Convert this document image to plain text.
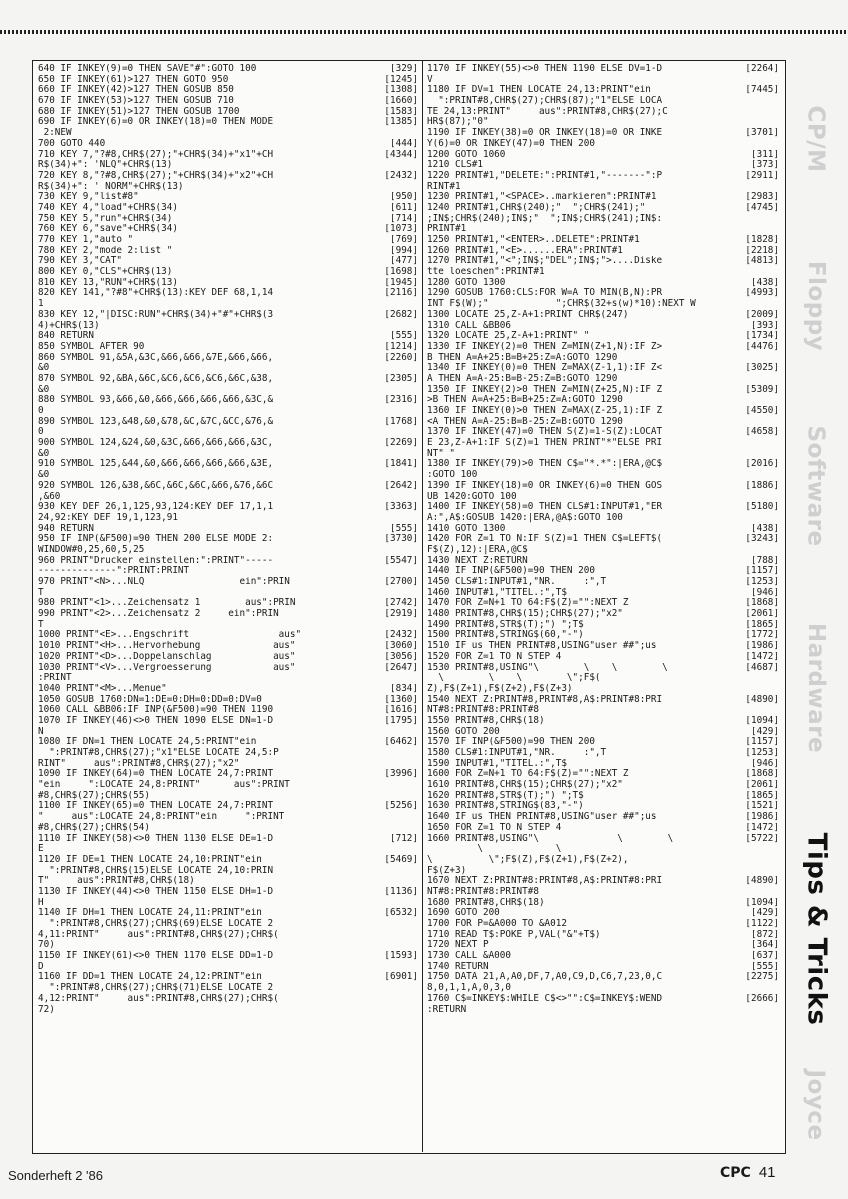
640 IF INKEY(9)=0 THEN SAVE"#":GOTO 100	[329]
650 IF INKEY(61)>127 THEN GOTO 950	[1245]
660 IF INKEY(42)>127 THEN GOSUB 850	[1308]
670 IF INKEY(53)>127 THEN GOSUB 710	[1660]
680 IF INKEY(51)>127 THEN GOSUB 1700	[1583]
690 IF INKEY(6)=0 OR INKEY(18)=0 THEN MODE	[1385]
2:NEW
700 GOTO 440	[444]
710 KEY 7,"?#8,CHR$(27);"+CHR$(34)+"x1"+CH	[4344]
R$(34)+": 'NLQ"+CHR$(13)
720 KEY 8,"?#8,CHR$(27);"+CHR$(34)+"x2"+CH	[2432]
R$(34)+": ' NORM"+CHR$(13)
730 KEY 9,"list#8"	[950]
740 KEY 4,"load"+CHR$(34)	[611]
750 KEY 5,"run"+CHR$(34)	[714]
760 KEY 6,"save"+CHR$(34)	[1073]
770 KEY 1,"auto "	[769]
780 KEY 2,"mode 2:list "	[994]
790 KEY 3,"CAT"	[477]
800 KEY 0,"CLS"+CHR$(13)	[1698]
810 KEY 13,"RUN"+CHR$(13)	[1945]
820 KEY 141,"?#8"+CHR$(13):KEY DEF 68,1,14	[2116]
1
830 KEY 12,"|DISC:RUN"+CHR$(34)+"#"+CHR$(3	[2682]
4)+CHR$(13)
840 RETURN	[555]
850 SYMBOL AFTER 90	[1214]
860 SYMBOL 91,&5A,&3C,&66,&66,&7E,&66,&66,	[2260]
&0
870 SYMBOL 92,&BA,&6C,&C6,&C6,&C6,&6C,&38,	[2305]
&0
880 SYMBOL 93,&66,&0,&66,&66,&66,&66,&3C,&	[2316]
0
890 SYMBOL 123,&48,&0,&78,&C,&7C,&CC,&76,&	[1768]
0
900 SYMBOL 124,&24,&0,&3C,&66,&66,&66,&3C,	[2269]
&0
910 SYMBOL 125,&44,&0,&66,&66,&66,&66,&3E,	[1841]
&0
920 SYMBOL 126,&38,&6C,&6C,&6C,&66,&76,&6C	[2642]
,&60
930 KEY DEF 26,1,125,93,124:KEY DEF 17,1,1	[3363]
24,92:KEY DEF 19,1,123,91
940 RETURN	[555]
950 IF INP(&F500)=90 THEN 200 ELSE MODE 2:	[3730]
WINDOW#0,25,60,5,25
960 PRINT"Drucker einstellen:":PRINT"-----	[5547]
--------------":PRINT:PRINT
970 PRINT"<N>...NLQ                 ein":PRIN	[2700]
T
980 PRINT"<1>...Zeichensatz 1        aus":PRIN	[2742]
990 PRINT"<2>...Zeichensatz 2     ein":PRIN	[2919]
T
1000 PRINT"<E>...Engschrift                aus"	[2432]
1010 PRINT"<H>...Hervorhebung             aus"	[3060]
1020 PRINT"<D>...Doppelanschlag           aus"	[3056]
1030 PRINT"<V>...Vergroesserung           aus"	[2647]
:PRINT
1040 PRINT"<M>...Menue"	[834]
1050 GOSUB 1760:DN=1:DE=0:DH=0:DD=0:DV=0	[1360]
1060 CALL &BB06:IF INP(&F500)=90 THEN 1190	[1616]
1070 IF INKEY(46)<>0 THEN 1090 ELSE DN=1-D	[1795]
N
1080 IF DN=1 THEN LOCATE 24,5:PRINT"ein	[6462]
":PRINT#8,CHR$(27);"x1"ELSE LOCATE 24,5:P
RINT"     aus":PRINT#8,CHR$(27);"x2"
1090 IF INKEY(64)=0 THEN LOCATE 24,7:PRINT	[3996]
"ein     ":LOCATE 24,8:PRINT"      aus":PRINT
#8,CHR$(27);CHR$(55)
1100 IF INKEY(65)=0 THEN LOCATE 24,7:PRINT	[5256]
"     aus":LOCATE 24,8:PRINT"ein     ":PRINT
#8,CHR$(27);CHR$(54)
1110 IF INKEY(58)<>0 THEN 1130 ELSE DE=1-D	[712]
E
1120 IF DE=1 THEN LOCATE 24,10:PRINT"ein	[5469]
":PRINT#8,CHR$(15)ELSE LOCATE 24,10:PRIN
T"     aus":PRINT#8,CHR$(18)
1130 IF INKEY(44)<>0 THEN 1150 ELSE DH=1-D	[1136]
H
1140 IF DH=1 THEN LOCATE 24,11:PRINT"ein	[6532]
":PRINT#8,CHR$(27);CHR$(69)ELSE LOCATE 2
4,11:PRINT"     aus":PRINT#8,CHR$(27);CHR$(
70)
1150 IF INKEY(61)<>0 THEN 1170 ELSE DD=1-D	[1593]
D
1160 IF DD=1 THEN LOCATE 24,12:PRINT"ein	[6901]
":PRINT#8,CHR$(27);CHR$(71)ELSE LOCATE 2
4,12:PRINT"     aus":PRINT#8,CHR$(27);CHR$(
72)
1170 IF INKEY(55)<>0 THEN 1190 ELSE DV=1-D	[2264]
V
1180 IF DV=1 THEN LOCATE 24,13:PRINT"ein	[7445]
":PRINT#8,CHR$(27);CHR$(87);"1"ELSE LOCA
TE 24,13:PRINT"     aus":PRINT#8,CHR$(27);C
HR$(87);"0"
1190 IF INKEY(38)=0 OR INKEY(18)=0 OR INKE	[3701]
Y(6)=0 OR INKEY(47)=0 THEN 200
1200 GOTO 1060	[311]
1210 CLS#1	[373]
1220 PRINT#1,"DELETE:":PRINT#1,"-------":P	[2911]
RINT#1
1230 PRINT#1,"<SPACE>..markieren":PRINT#1	[2983]
1240 PRINT#1,CHR$(240);"  ";CHR$(241);"	[4745]
;IN$;CHR$(240);IN$;"  ";IN$;CHR$(241);IN$:
PRINT#1
1250 PRINT#1,"<ENTER>..DELETE":PRINT#1	[1828]
1260 PRINT#1,"<E>......ERA":PRINT#1	[2218]
1270 PRINT#1,"<";IN$;"DEL";IN$;">....Diske	[4813]
tte loeschen":PRINT#1
1280 GOTO 1300	[438]
1290 GOSUB 1760:CLS:FOR W=A TO MIN(B,N):PR	[4993]
INT F$(W);"            ";CHR$(32+s(w)*10):NEXT W
1300 LOCATE 25,Z-A+1:PRINT CHR$(247)	[2009]
1310 CALL &BB06	[393]
1320 LOCATE 25,Z-A+1:PRINT" "	[1734]
1330 IF INKEY(2)=0 THEN Z=MIN(Z+1,N):IF Z>	[4476]
B THEN A=A+25:B=B+25:Z=A:GOTO 1290
1340 IF INKEY(0)=0 THEN Z=MAX(Z-1,1):IF Z<	[3025]
A THEN A=A-25:B=B-25:Z=B:GOTO 1290
1350 IF INKEY(2)>0 THEN Z=MIN(Z+25,N):IF Z	[5309]
>B THEN A=A+25:B=B+25:Z=A:GOTO 1290
1360 IF INKEY(0)>0 THEN Z=MAX(Z-25,1):IF Z	[4550]
<A THEN A=A-25:B=B-25:Z=B:GOTO 1290
1370 IF INKEY(47)=0 THEN S(Z)=1-S(Z):LOCAT	[4658]
E 23,Z-A+1:IF S(Z)=1 THEN PRINT"*"ELSE PRI
NT" "
1380 IF INKEY(79)>0 THEN C$="*.*":|ERA,@C$	[2016]
:GOTO 100
1390 IF INKEY(18)=0 OR INKEY(6)=0 THEN GOS	[1886]
UB 1420:GOTO 100
1400 IF INKEY(58)=0 THEN CLS#1:INPUT#1,"ER	[5180]
A:",A$:GOSUB 1420:|ERA,@A$:GOTO 100
1410 GOTO 1300	[438]
1420 FOR Z=1 TO N:IF S(Z)=1 THEN C$=LEFT$(	[3243]
F$(Z),12):|ERA,@C$
1430 NEXT Z:RETURN	[788]
1440 IF INP(&F500)=90 THEN 200	[1157]
1450 CLS#1:INPUT#1,"NR.     :",T	[1253]
1460 INPUT#1,"TITEL.:",T$	[946]
1470 FOR Z=N+1 TO 64:F$(Z)="":NEXT Z	[1868]
1480 PRINT#8,CHR$(15);CHR$(27);"x2"	[2061]
1490 PRINT#8,STR$(T);") ";T$	[1865]
1500 PRINT#8,STRING$(60,"-")	[1772]
1510 IF us THEN PRINT#8,USING"user ##";us	[1986]
1520 FOR Z=1 TO N STEP 4	[1472]
1530 PRINT#8,USING"\        \    \        \	[4687]
\        \    \        \";F$(
Z),F$(Z+1),F$(Z+2),F$(Z+3)
1540 NEXT Z:PRINT#8,PRINT#8,A$:PRINT#8:PRI	[4890]
NT#8:PRINT#8:PRINT#8
1550 PRINT#8,CHR$(18)	[1094]
1560 GOTO 200	[429]
1570 IF INP(&F500)=90 THEN 200	[1157]
1580 CLS#1:INPUT#1,"NR.     :",T	[1253]
1590 INPUT#1,"TITEL.:",T$	[946]
1600 FOR Z=N+1 TO 64:F$(Z)="":NEXT Z	[1868]
1610 PRINT#8,CHR$(15);CHR$(27);"x2"	[2061]
1620 PRINT#8,STR$(T);") ";T$	[1865]
1630 PRINT#8,STRING$(83,"-")	[1521]
1640 IF us THEN PRINT#8,USING"user ##";us	[1986]
1650 FOR Z=1 TO N STEP 4	[1472]
1660 PRINT#8,USING"\              \        \	[5722]
\             \
\          \";F$(Z),F$(Z+1),F$(Z+2),
F$(Z+3)
1670 NEXT Z:PRINT#8:PRINT#8,A$:PRINT#8:PRI	[4890]
NT#8:PRINT#8:PRINT#8
1680 PRINT#8,CHR$(18)	[1094]
1690 GOTO 200	[429]
1700 FOR P=&A000 TO &A012	[1122]
1710 READ T$:POKE P,VAL("&"+T$)	[872]
1720 NEXT P	[364]
1730 CALL &A000	[637]
1740 RETURN	[555]
1750 DATA 21,A,A0,DF,7,A0,C9,D,C6,7,23,0,C	[2275]
8,0,1,1,A,0,3,0
1760 C$=INKEY$:WHILE C$<>"":C$=INKEY$:WEND	[2666]
:RETURN
CP/M
Floppy
Software
Hardware
Tips & Tricks
Joyce
Sonderheft 2 '86	CPC 41
